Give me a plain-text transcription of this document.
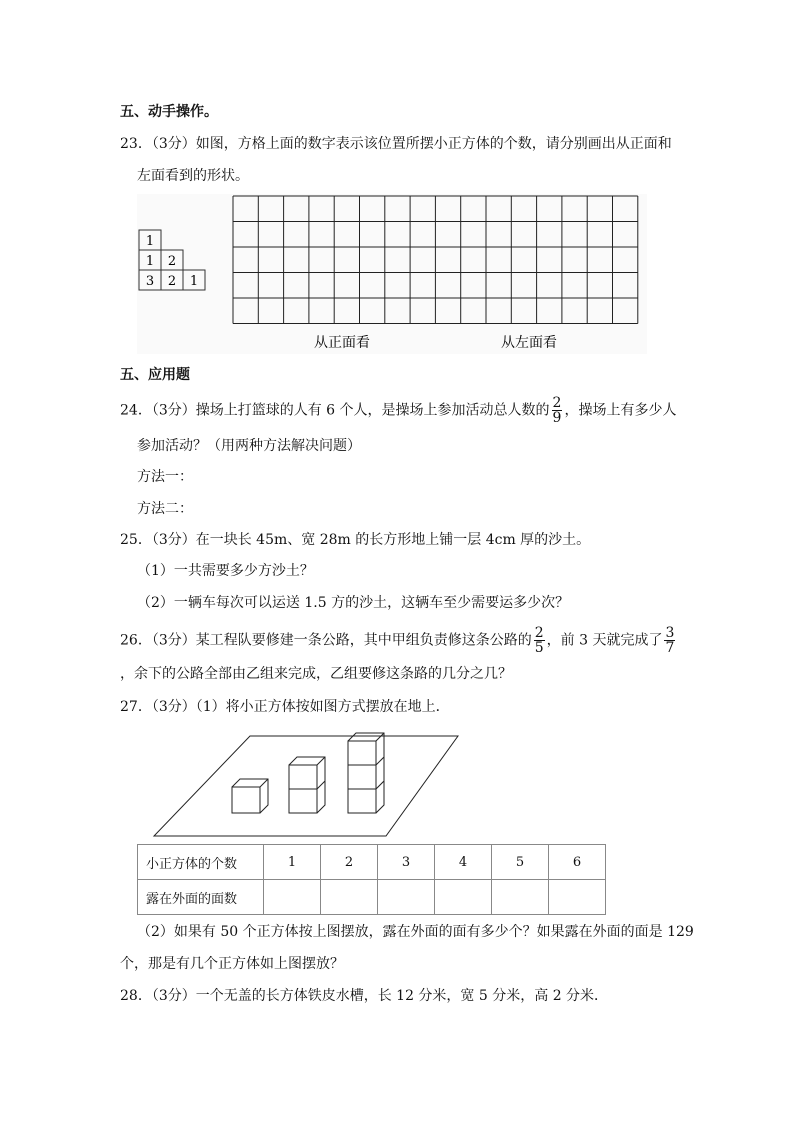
五、动手操作。
23．（3分）如图，方格上面的数字表示该位置所摆小正方体的个数，请分别画出从正面和
左面看到的形状。
1
1 2
3 2 1
从正面看	从左面看
五、应用题
24．（3分）操场上打篮球的人有 6 个人，是操场上参加活动总人数的 $\frac{2}{9}$ ，操场上有多少人
参加活动？（用两种方法解决问题）
方法一：
方法二：
25．（3分）在一块长 45m、宽 28m 的长方形地上铺一层 4cm 厚的沙土。
（1）一共需要多少方沙土？
（2）一辆车每次可以运送 1.5 方的沙土，这辆车至少需要运多少次？
26．（3分）某工程队要修建一条公路，其中甲组负责修这条公路的 $\frac{2}{5}$ ，前 3 天就完成了 $\frac{3}{7}$
，余下的公路全部由乙组来完成，乙组要修这条路的几分之几？
27．（3分）（1）将小正方体按如图方式摆放在地上．
小正方体的个数	1	2	3	4	5	6
露在外面的面数						
（2）如果有 50 个正方体按上图摆放，露在外面的面有多少个？如果露在外面的面是 129
个，那是有几个正方体如上图摆放？
28．（3分）一个无盖的长方体铁皮水槽，长 12 分米，宽 5 分米，高 2 分米．
